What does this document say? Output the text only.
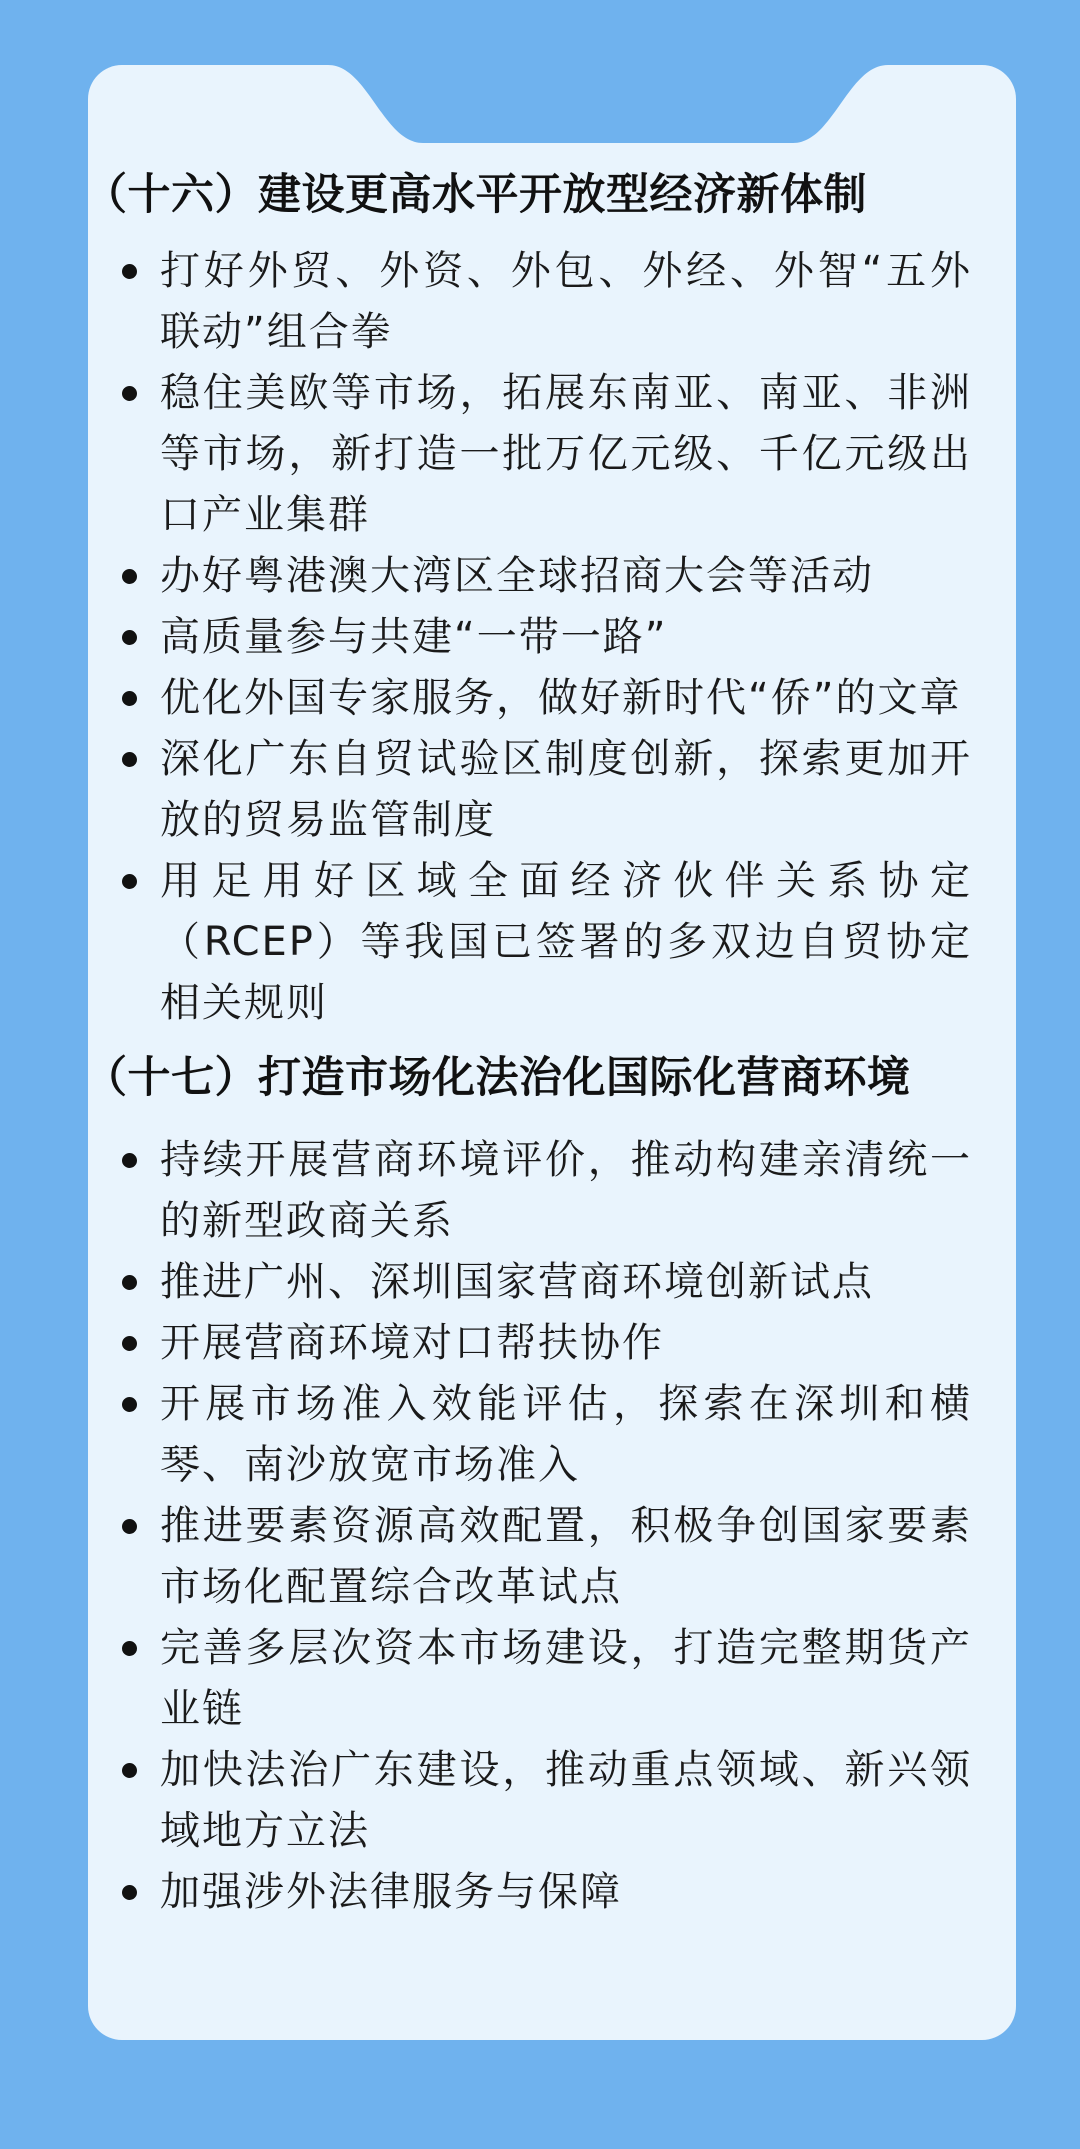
（十六）建设更高水平开放型经济新体制
打好外贸、外资、外包、外经、外智“五外联动”组合拳
稳住美欧等市场，拓展东南亚、南亚、非洲等市场，新打造一批万亿元级、千亿元级出口产业集群
办好粤港澳大湾区全球招商大会等活动
高质量参与共建“一带一路”
优化外国专家服务，做好新时代“侨”的文章
深化广东自贸试验区制度创新，探索更加开放的贸易监管制度
用足用好区域全面经济伙伴关系协定（RCEP）等我国已签署的多双边自贸协定相关规则
（十七）打造市场化法治化国际化营商环境
持续开展营商环境评价，推动构建亲清统一的新型政商关系
推进广州、深圳国家营商环境创新试点
开展营商环境对口帮扶协作
开展市场准入效能评估，探索在深圳和横琴、南沙放宽市场准入
推进要素资源高效配置，积极争创国家要素市场化配置综合改革试点
完善多层次资本市场建设，打造完整期货产业链
加快法治广东建设，推动重点领域、新兴领域地方立法
加强涉外法律服务与保障
